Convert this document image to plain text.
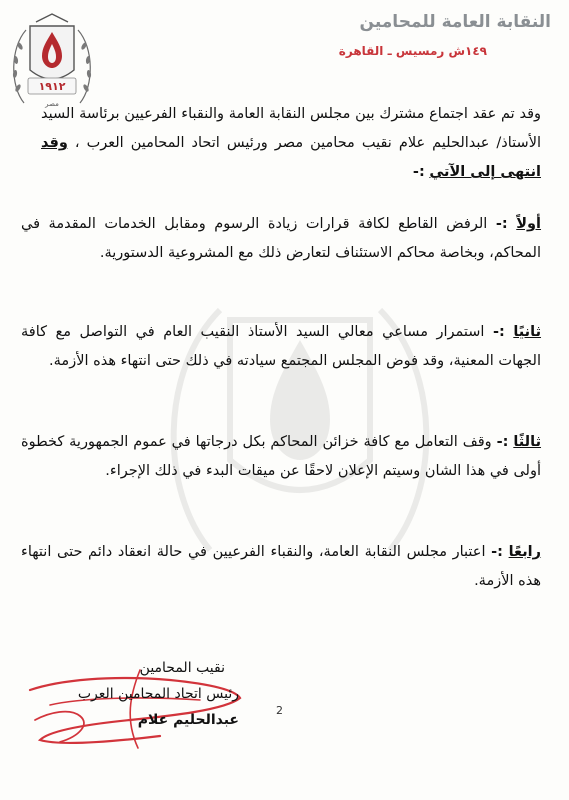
١٩١٢
مصر
النقابة العامة للمحامين
١٤٩ش رمسيس ـ القاهرة
وقد تم عقد اجتماع مشترك بين مجلس النقابة العامة والنقباء الفرعيين برئاسة السيد الأستاذ/ عبدالحليم علام نقيب محامين مصر ورئيس اتحاد المحامين العرب ، وقد انتهى إلى الآتي :-
أولاً :- الرفض القاطع لكافة قرارات زيادة الرسوم ومقابل الخدمات المقدمة في المحاكم، وبخاصة محاكم الاستئناف لتعارض ذلك مع المشروعية الدستورية.
ثانيًا :- استمرار مساعي معالي السيد الأستاذ النقيب العام في التواصل مع كافة الجهات المعنية، وقد فوض المجلس المجتمع سيادته في ذلك حتى انتهاء هذه الأزمة.
ثالثًا :- وقف التعامل مع كافة خزائن المحاكم بكل درجاتها في عموم الجمهورية كخطوة أولى في هذا الشان وسيتم الإعلان لاحقًا عن ميقات البدء في ذلك الإجراء.
رابعًا :- اعتبار مجلس النقابة العامة، والنقباء الفرعيين في حالة انعقاد دائم حتى انتهاء هذه الأزمة.
نقيب المحامين
رئيس اتحاد المحامين العرب
عبدالحليم علام
2
